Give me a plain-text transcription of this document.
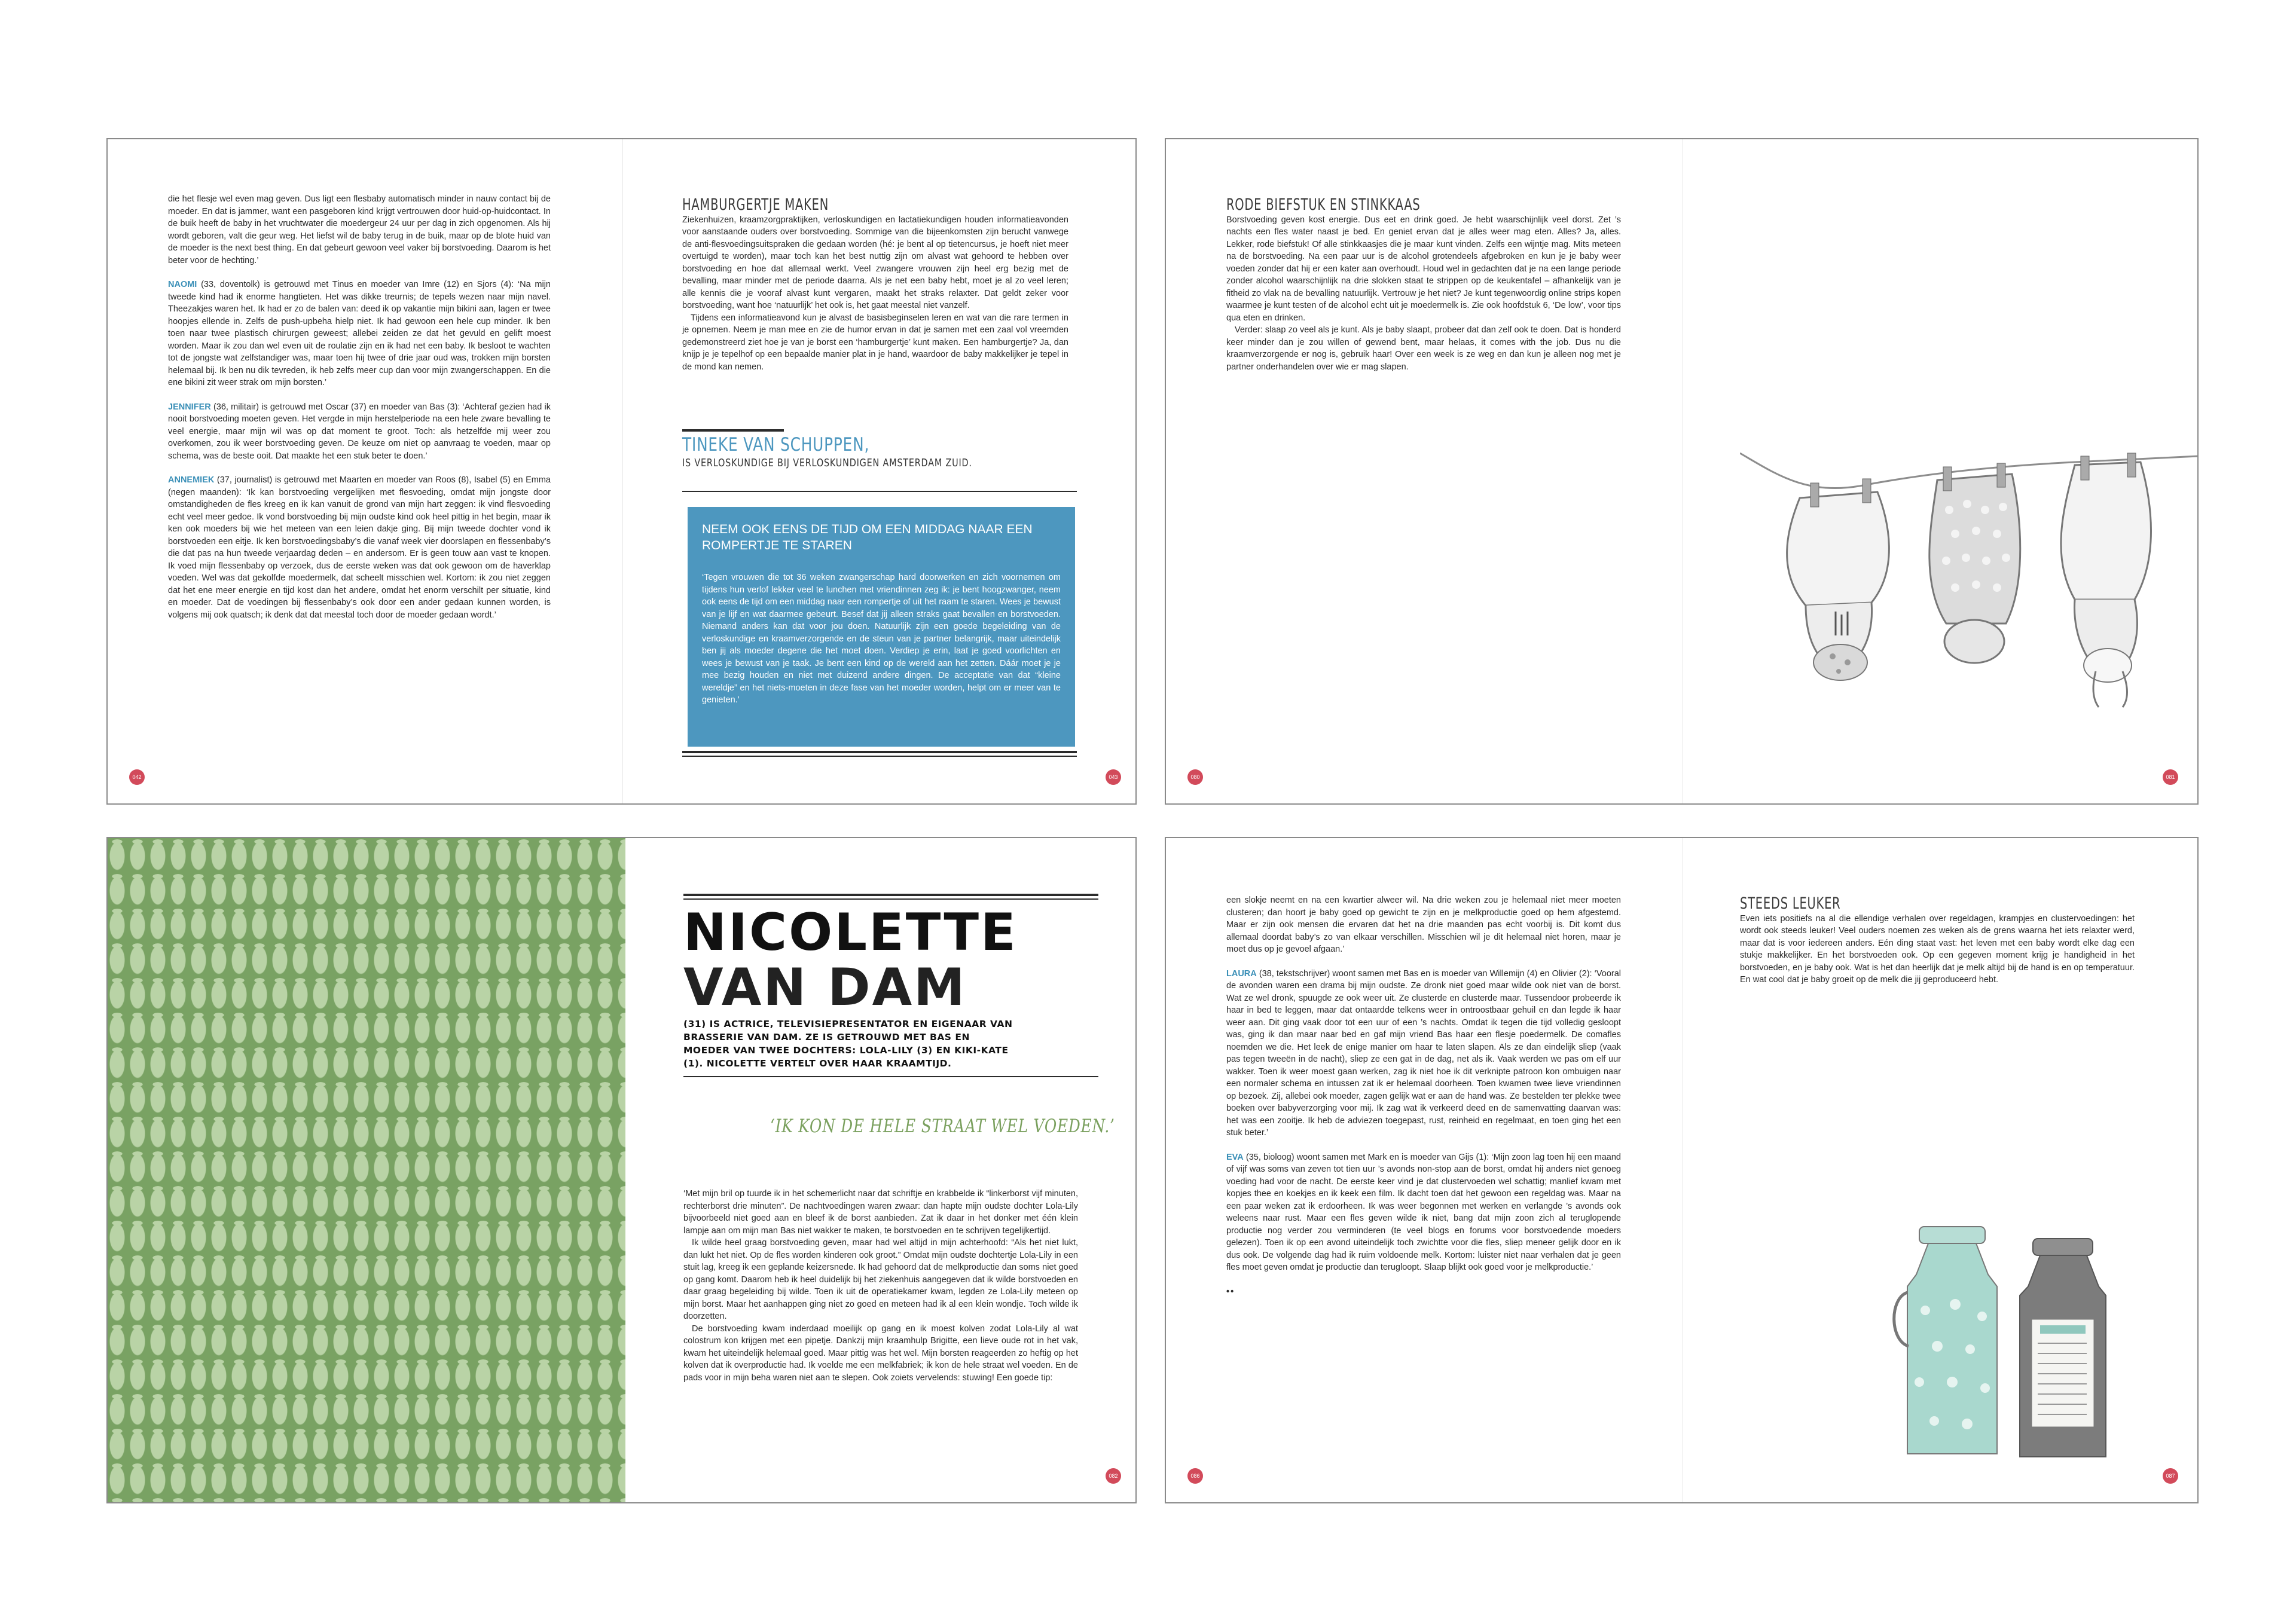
die het flesje wel even mag geven. Dus ligt een flesbaby automatisch minder in nauw contact bij de moeder. En dat is jammer, want een pasgeboren kind krijgt vertrouwen door huid-op-huidcontact. In de buik heeft de baby in het vruchtwater die moedergeur 24 uur per dag in zich opgenomen. Als hij wordt geboren, valt die geur weg. Het liefst wil de baby terug in de buik, maar op de blote huid van de moeder is the next best thing. En dat gebeurt gewoon veel vaker bij borstvoeding. Daarom is het beter voor de hechting.’

NAOMI (33, doventolk) is getrouwd met Tinus en moeder van Imre (12) en Sjors (4): ‘Na mijn tweede kind had ik enorme hangtieten. Het was dikke treurnis; de tepels wezen naar mijn navel. Theezakjes waren het. Ik had er zo de balen van: deed ik op vakantie mijn bikini aan, lagen er twee hoopjes ellende in. Zelfs de push-upbeha hielp niet. Ik had gewoon een hele cup minder. Ik ben toen naar twee plastisch chirurgen geweest; allebei zeiden ze dat het gevuld en gelift moest worden. Maar ik zou dan wel even uit de roulatie zijn en ik had net een baby. Ik besloot te wachten tot de jongste wat zelfstandiger was, maar toen hij twee of drie jaar oud was, trokken mijn borsten helemaal bij. Ik ben nu dik tevreden, ik heb zelfs meer cup dan voor mijn zwangerschappen. En die ene bikini zit weer strak om mijn borsten.’

JENNIFER (36, militair) is getrouwd met Oscar (37) en moeder van Bas (3): ‘Achteraf gezien had ik nooit borstvoeding moeten geven. Het vergde in mijn herstelperiode na een hele zware bevalling te veel energie, maar mijn wil was op dat moment te groot. Toch: als hetzelfde mij weer zou overkomen, zou ik weer borstvoeding geven. De keuze om niet op aanvraag te voeden, maar op schema, was de beste ooit. Dat maakte het een stuk beter te doen.’

ANNEMIEK (37, journalist) is getrouwd met Maarten en moeder van Roos (8), Isabel (5) en Emma (negen maanden): ‘Ik kan borstvoeding vergelijken met flesvoeding, omdat mijn jongste door omstandigheden de fles kreeg en ik kan vanuit de grond van mijn hart zeggen: ik vind flesvoeding echt veel meer gedoe. Ik vond borstvoeding bij mijn oudste kind ook heel pittig in het begin, maar ik ken ook moeders bij wie het meteen van een leien dakje ging. Bij mijn tweede dochter vond ik borstvoeden een eitje. Ik ken borstvoedingsbaby’s die vanaf week vier doorslapen en flessenbaby’s die dat pas na hun tweede verjaardag deden – en andersom. Er is geen touw aan vast te knopen. Ik voed mijn flessenbaby op verzoek, dus de eerste weken was dat ook gewoon om de haverklap voeden. Wel was dat gekolfde moedermelk, dat scheelt misschien wel. Kortom: ik zou niet zeggen dat het ene meer energie en tijd kost dan het andere, omdat het enorm verschilt per situatie, kind en moeder. Dat de voedingen bij flessenbaby’s ook door een ander gedaan kunnen worden, is volgens mij ook quatsch; ik denk dat dat meestal toch door de moeder gedaan wordt.’

HAMBURGERTJE MAKEN

Ziekenhuizen, kraamzorgpraktijken, verloskundigen en lactatiekundigen houden informatieavonden voor aanstaande ouders over borstvoeding. Sommige van die bijeenkomsten zijn berucht vanwege de anti-flesvoedingsuitspraken die gedaan worden (hé: je bent al op tietencursus, je hoeft niet meer overtuigd te worden), maar toch kan het best nuttig zijn om alvast wat gehoord te hebben over borstvoeding en hoe dat allemaal werkt. Veel zwangere vrouwen zijn heel erg bezig met de bevalling, maar minder met de periode daarna. Als je net een baby hebt, moet je al zo veel leren; alle kennis die je vooraf alvast kunt vergaren, maakt het straks relaxter. Dat geldt zeker voor borstvoeding, want hoe ‘natuurlijk’ het ook is, het gaat meestal niet vanzelf.

Tijdens een informatieavond kun je alvast de basisbeginselen leren en wat van die rare termen in je opnemen. Neem je man mee en zie de humor ervan in dat je samen met een zaal vol vreemden gedemonstreerd ziet hoe je van je borst een ‘hamburgertje’ kunt maken. Een hamburgertje? Ja, dan knijp je je tepelhof op een bepaalde manier plat in je hand, waardoor de baby makkelijker je tepel in de mond kan nemen.

TINEKE VAN SCHUPPEN,
IS VERLOSKUNDIGE BIJ VERLOSKUNDIGEN AMSTERDAM ZUID.
NEEM OOK EENS DE TIJD OM EEN MIDDAG NAAR EEN ROMPERTJE TE STAREN

‘Tegen vrouwen die tot 36 weken zwangerschap hard doorwerken en zich voornemen om tijdens hun verlof lekker veel te lunchen met vriendinnen zeg ik: je bent hoogzwanger, neem ook eens de tijd om een middag naar een rompertje of uit het raam te staren. Wees je bewust van je lijf en wat daarmee gebeurt. Besef dat jij alleen straks gaat bevallen en borstvoeden. Niemand anders kan dat voor jou doen. Natuurlijk zijn een goede begeleiding van de verloskundige en kraamverzorgende en de steun van je partner belangrijk, maar uiteindelijk ben jij als moeder degene die het moet doen. Verdiep je erin, laat je goed voorlichten en wees je bewust van je taak. Je bent een kind op de wereld aan het zetten. Dáár moet je je mee bezig houden en niet met duizend andere dingen. De acceptatie van dat “kleine wereldje” en het niets-moeten in deze fase van het moeder worden, helpt om er meer van te genieten.’

042	043
RODE BIEFSTUK EN STINKKAAS

Borstvoeding geven kost energie. Dus eet en drink goed. Je hebt waarschijnlijk veel dorst. Zet ’s nachts een fles water naast je bed. En geniet ervan dat je alles weer mag eten. Alles? Ja, alles. Lekker, rode biefstuk! Of alle stinkkaasjes die je maar kunt vinden. Zelfs een wijntje mag. Mits meteen na de borstvoeding. Na een paar uur is de alcohol grotendeels afgebroken en kun je je baby weer voeden zonder dat hij er een kater aan overhoudt. Houd wel in gedachten dat je na een lange periode zonder alcohol waarschijnlijk na drie slokken staat te strippen op de keukentafel – afhankelijk van je fitheid zo vlak na de bevalling natuurlijk. Vertrouw je het niet? Je kunt tegenwoordig online strips kopen waarmee je kunt testen of de alcohol echt uit je moedermelk is. Zie ook hoofdstuk 6, ‘De low’, voor tips qua eten en drinken.

Verder: slaap zo veel als je kunt. Als je baby slaapt, probeer dat dan zelf ook te doen. Dat is honderd keer minder dan je zou willen of gewend bent, maar helaas, it comes with the job. Dus nu die kraamverzorgende er nog is, gebruik haar! Over een week is ze weg en dan kun je alleen nog met je partner onderhandelen over wie er mag slapen.

080	081
NICOLETTE
VAN DAM
(31) IS ACTRICE, TELEVISIEPRESENTATOR EN EIGENAAR VAN BRASSERIE VAN DAM. ZE IS GETROUWD MET BAS EN MOEDER VAN TWEE DOCHTERS: LOLA-LILY (3) EN KIKI-KATE (1). NICOLETTE VERTELT OVER HAAR KRAAMTIJD.
‘IK KON DE HELE STRAAT WEL VOEDEN.’

‘Met mijn bril op tuurde ik in het schemerlicht naar dat schriftje en krabbelde ik “linkerborst vijf minuten, rechterborst drie minuten”. De nachtvoedingen waren zwaar: dan hapte mijn oudste dochter Lola-Lily bijvoorbeeld niet goed aan en bleef ik de borst aanbieden. Zat ik daar in het donker met één klein lampje aan om mijn man Bas niet wakker te maken, te borstvoeden en te schrijven tegelijkertijd.

Ik wilde heel graag borstvoeding geven, maar had wel altijd in mijn achterhoofd: “Als het niet lukt, dan lukt het niet. Op de fles worden kinderen ook groot.” Omdat mijn oudste dochtertje Lola-Lily in een stuit lag, kreeg ik een geplande keizersnede. Ik had gehoord dat de melkproductie dan soms niet goed op gang komt. Daarom heb ik heel duidelijk bij het ziekenhuis aangegeven dat ik wilde borstvoeden en daar graag begeleiding bij wilde. Toen ik uit de operatiekamer kwam, legden ze Lola-Lily meteen op mijn borst. Maar het aanhappen ging niet zo goed en meteen had ik al een klein wondje. Toch wilde ik doorzetten.

De borstvoeding kwam inderdaad moeilijk op gang en ik moest kolven zodat Lola-Lily al wat colostrum kon krijgen met een pipetje. Dankzij mijn kraamhulp Brigitte, een lieve oude rot in het vak, kwam het uiteindelijk helemaal goed. Maar pittig was het wel. Mijn borsten reageerden zo heftig op het kolven dat ik overproductie had. Ik voelde me een melkfabriek; ik kon de hele straat wel voeden. En de pads voor in mijn beha waren niet aan te slepen. Ook zoiets vervelends: stuwing! Een goede tip:

082

een slokje neemt en na een kwartier alweer wil. Na drie weken zou je helemaal niet meer moeten clusteren; dan hoort je baby goed op gewicht te zijn en je melkproductie goed op hem afgestemd. Maar er zijn ook mensen die ervaren dat het na drie maanden pas echt voorbij is. Dit komt dus allemaal doordat baby’s zo van elkaar verschillen. Misschien wil je dit helemaal niet horen, maar je moet dus op je gevoel afgaan.’

LAURA (38, tekstschrijver) woont samen met Bas en is moeder van Willemijn (4) en Olivier (2): ‘Vooral de avonden waren een drama bij mijn oudste. Ze dronk niet goed maar wilde ook niet van de borst. Wat ze wel dronk, spuugde ze ook weer uit. Ze clusterde en clusterde maar. Tussendoor probeerde ik haar in bed te leggen, maar dat ontaardde telkens weer in ontroostbaar gehuil en dan legde ik haar weer aan. Dit ging vaak door tot een uur of een ’s nachts. Omdat ik tegen die tijd volledig gesloopt was, ging ik dan maar naar bed en gaf mijn vriend Bas haar een flesje poedermelk. De comafles noemden we die. Het leek de enige manier om haar te laten slapen. Als ze dan eindelijk sliep (vaak pas tegen tweeën in de nacht), sliep ze een gat in de dag, net als ik. Vaak werden we pas om elf uur wakker. Toen ik weer moest gaan werken, zag ik niet hoe ik dit verknipte patroon kon ombuigen naar een normaler schema en intussen zat ik er helemaal doorheen. Toen kwamen twee lieve vriendinnen op bezoek. Zij, allebei ook moeder, zagen gelijk wat er aan de hand was. Ze bestelden ter plekke twee boeken over babyverzorging voor mij. Ik zag wat ik verkeerd deed en de samenvatting daarvan was: het was een zooitje. Ik heb de adviezen toegepast, rust, reinheid en regelmaat, en toen ging het een stuk beter.’

EVA (35, bioloog) woont samen met Mark en is moeder van Gijs (1): ‘Mijn zoon lag toen hij een maand of vijf was soms van zeven tot tien uur ’s avonds non-stop aan de borst, omdat hij anders niet genoeg voeding had voor de nacht. De eerste keer vind je dat clustervoeden wel schattig; manlief kwam met kopjes thee en koekjes en ik keek een film. Ik dacht toen dat het gewoon een regeldag was. Maar na een paar weken zat ik erdoorheen. Ik was weer begonnen met werken en verlangde ’s avonds ook weleens naar rust. Maar een fles geven wilde ik niet, bang dat mijn zoon zich al teruglopende productie nog verder zou verminderen (te veel blogs en forums voor borstvoedende moeders gelezen). Toen ik op een avond uiteindelijk toch zwichtte voor die fles, sliep meneer gelijk door en ik dus ook. De volgende dag had ik ruim voldoende melk. Kortom: luister niet naar verhalen dat je geen fles moet geven omdat je productie dan terugloopt. Slaap blijkt ook goed voor je melkproductie.’

••

STEEDS LEUKER

Even iets positiefs na al die ellendige verhalen over regeldagen, krampjes en clustervoedingen: het wordt ook steeds leuker! Veel ouders noemen zes weken als de grens waarna het iets relaxter werd, maar dat is voor iedereen anders. Eén ding staat vast: het leven met een baby wordt elke dag een stukje makkelijker. En het borstvoeden ook. Op een gegeven moment krijg je handigheid in het borstvoeden, en je baby ook. Wat is het dan heerlijk dat je melk altijd bij de hand is en op temperatuur. En wat cool dat je baby groeit op de melk die jij geproduceerd hebt.

086	087
